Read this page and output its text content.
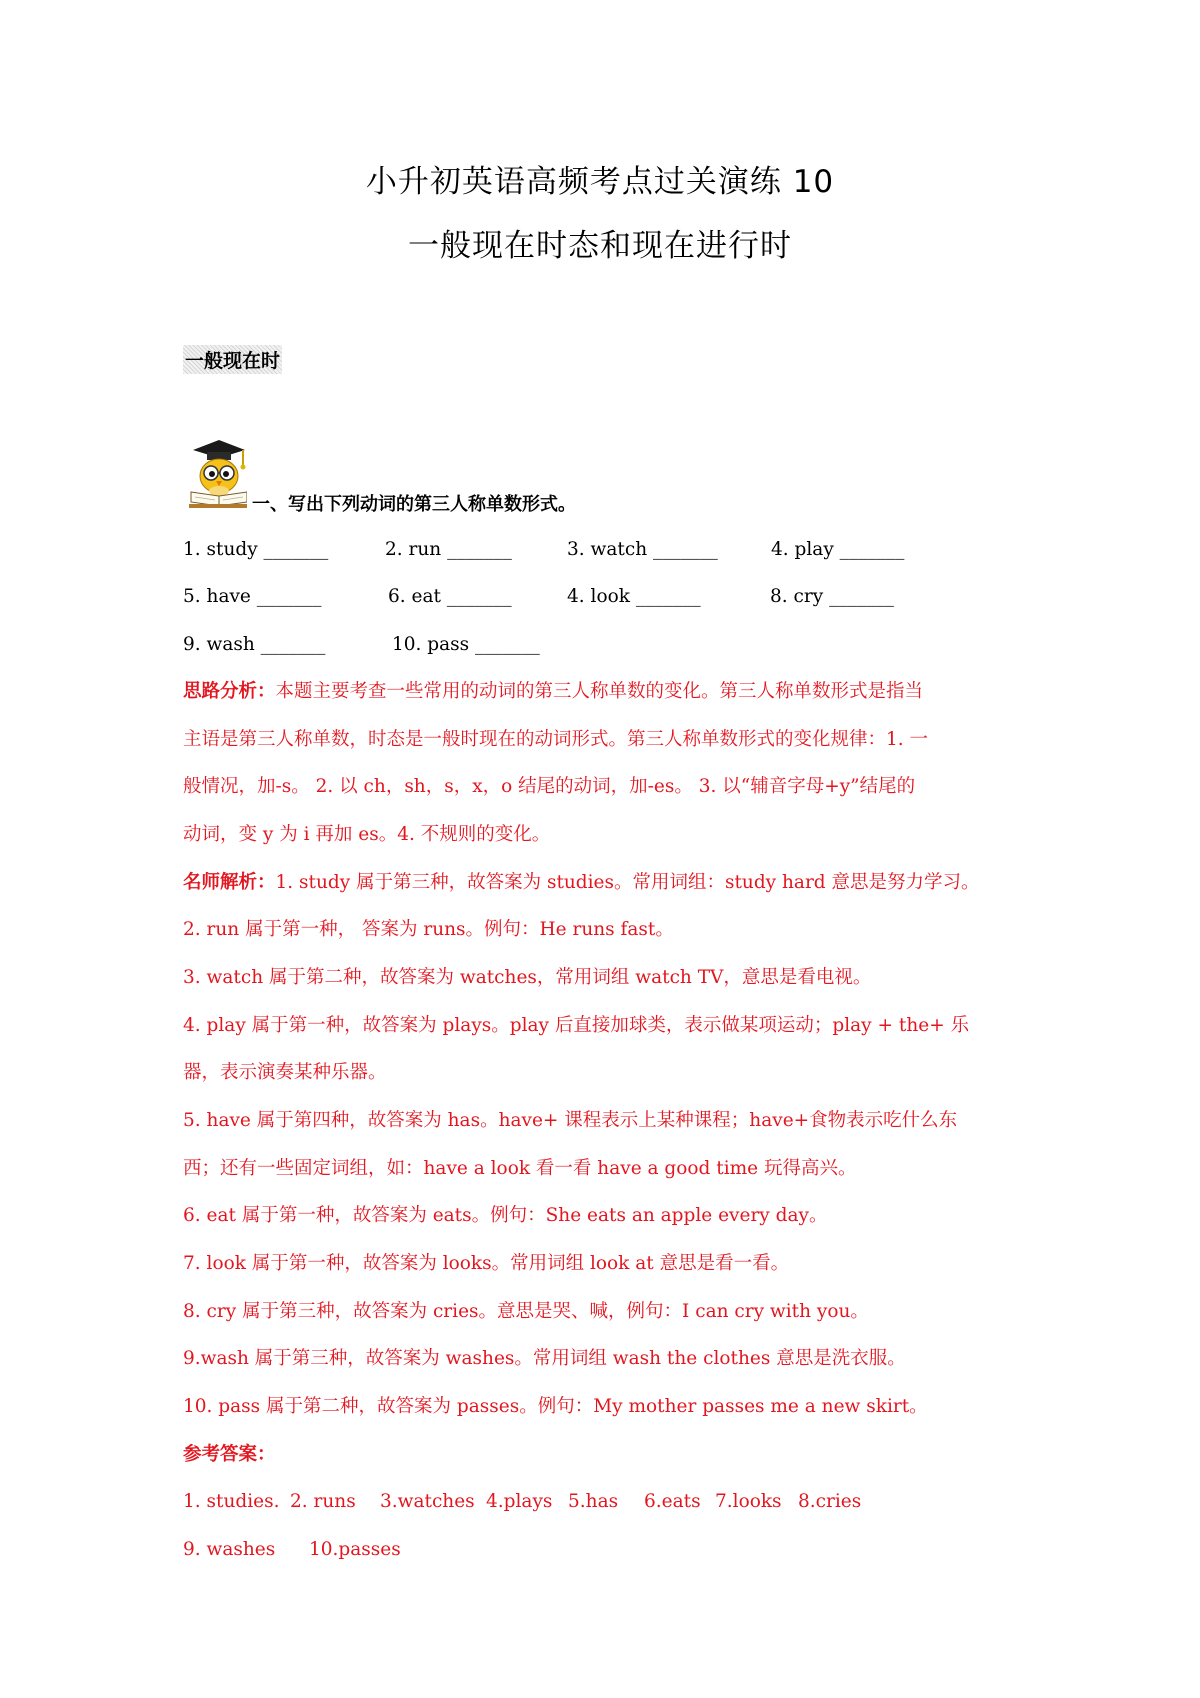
小升初英语高频考点过关演练 10
一般现在时态和现在进行时
一般现在时
一、写出下列动词的第三人称单数形式。
1. study _______	2. run _______	3. watch _______	4. play _______
5. have _______	6. eat _______	4. look _______	8. cry _______
9. wash _______	10. pass _______
思路分析：本题主要考查一些常用的动词的第三人称单数的变化。第三人称单数形式是指当
主语是第三人称单数，时态是一般时现在的动词形式。第三人称单数形式的变化规律：1. 一
般情况，加-s。 2. 以 ch，sh，s，x，o 结尾的动词，加-es。 3. 以“辅音字母+y”结尾的
动词，变 y 为 i 再加 es。4. 不规则的变化。
名师解析：1. study 属于第三种，故答案为 studies。常用词组：study hard 意思是努力学习。
2. run 属于第一种， 答案为 runs。例句：He runs fast。
3. watch 属于第二种，故答案为 watches，常用词组 watch TV，意思是看电视。
4. play 属于第一种，故答案为 plays。play 后直接加球类，表示做某项运动；play + the+ 乐
器，表示演奏某种乐器。
5. have 属于第四种，故答案为 has。have+ 课程表示上某种课程；have+食物表示吃什么东
西；还有一些固定词组，如：have a look 看一看 have a good time 玩得高兴。
6. eat 属于第一种，故答案为 eats。例句：She eats an apple every day。
7. look 属于第一种，故答案为 looks。常用词组 look at 意思是看一看。
8. cry 属于第三种，故答案为 cries。意思是哭、喊，例句：I can cry with you。
9.wash 属于第三种，故答案为 washes。常用词组 wash the clothes 意思是洗衣服。
10. pass 属于第二种，故答案为 passes。例句：My mother passes me a new skirt。
参考答案：
1. studies. 2. runs 3.watches 4.plays 5.has 6.eats 7.looks 8.cries
9. washes 10.passes
